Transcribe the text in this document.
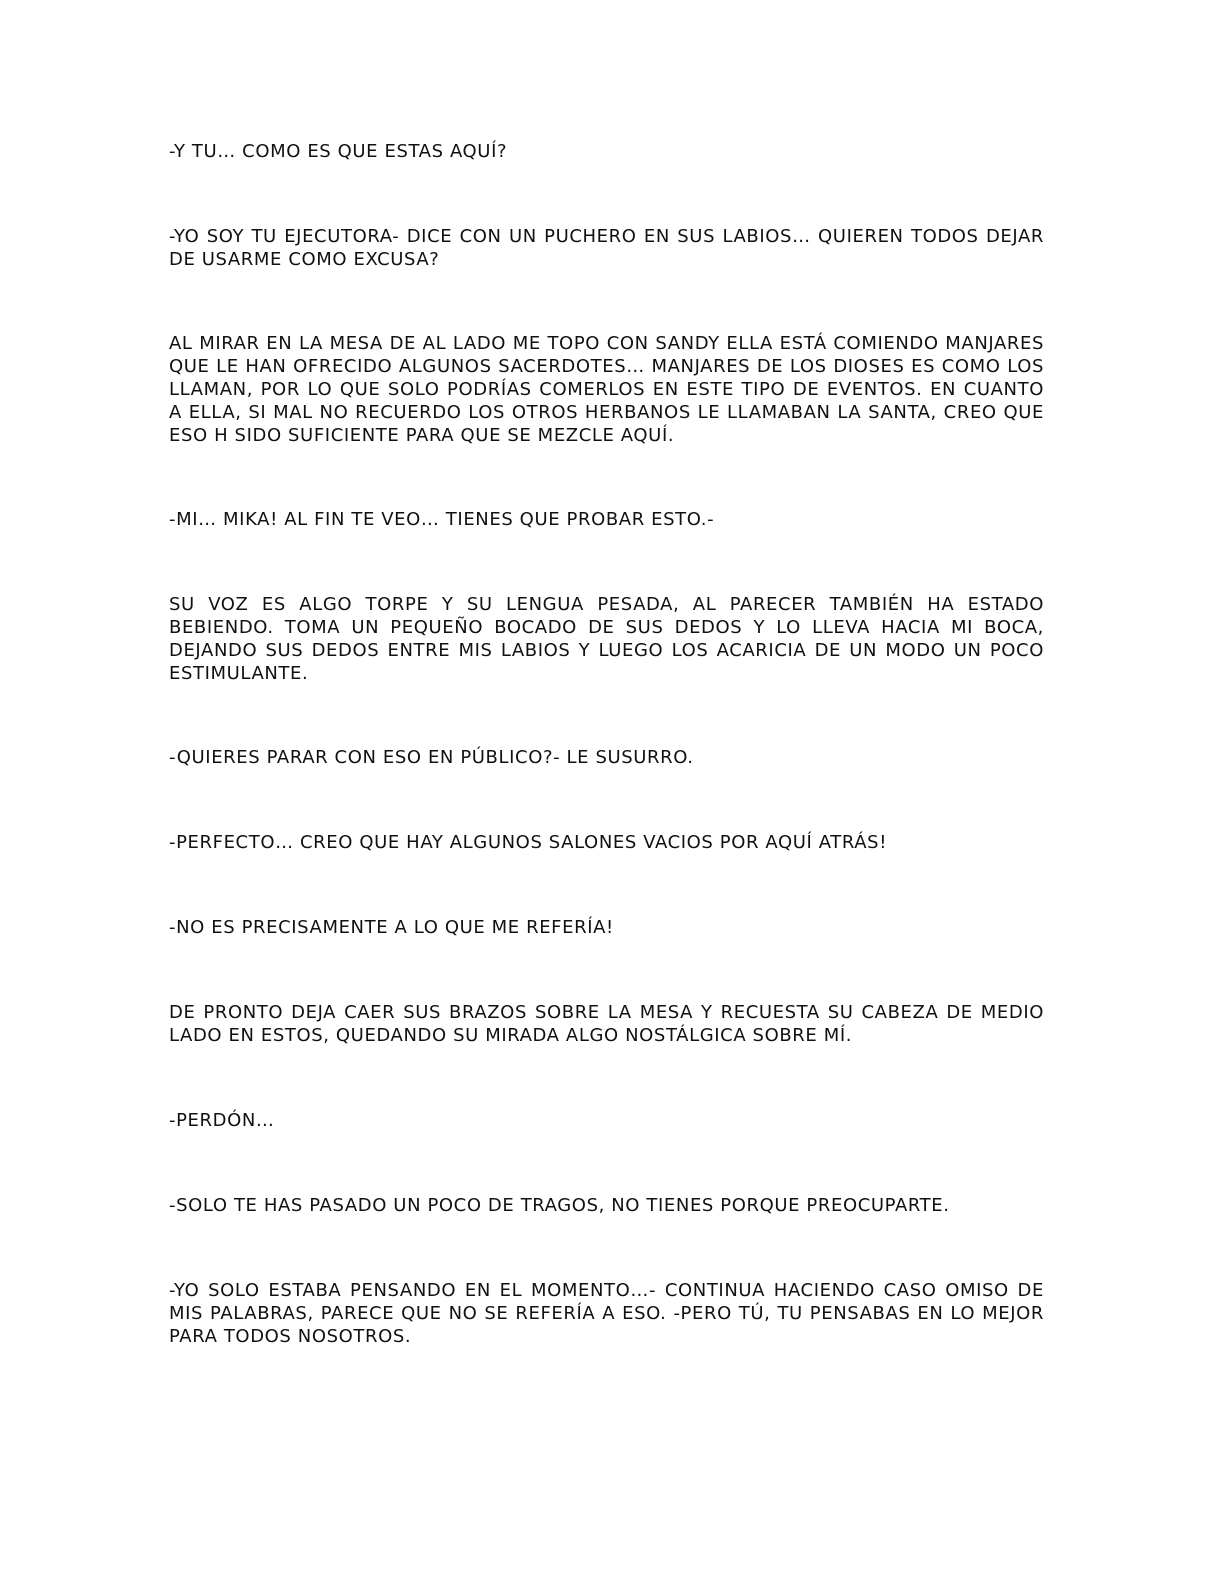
-Y TU… COMO ES QUE ESTAS AQUÍ?

-YO SOY TU EJECUTORA- DICE CON UN PUCHERO EN SUS LABIOS… QUIEREN TODOS DEJAR DE USARME COMO EXCUSA?

AL MIRAR EN LA MESA DE AL LADO ME TOPO CON SANDY ELLA ESTÁ COMIENDO MANJARES QUE LE HAN OFRECIDO ALGUNOS SACERDOTES… MANJARES DE LOS DIOSES ES COMO LOS LLAMAN, POR LO QUE SOLO PODRÍAS COMERLOS EN ESTE TIPO DE EVENTOS. EN CUANTO A ELLA, SI MAL NO RECUERDO LOS OTROS HERBANOS LE LLAMABAN LA SANTA, CREO QUE ESO H SIDO SUFICIENTE PARA QUE SE MEZCLE AQUÍ.

-MI… MIKA! AL FIN TE VEO… TIENES QUE PROBAR ESTO.-

SU VOZ ES ALGO TORPE Y SU LENGUA PESADA, AL PARECER TAMBIÉN HA ESTADO BEBIENDO. TOMA UN PEQUEÑO BOCADO DE SUS DEDOS Y LO LLEVA HACIA MI BOCA, DEJANDO SUS DEDOS ENTRE MIS LABIOS Y LUEGO LOS ACARICIA DE UN MODO UN POCO ESTIMULANTE.

-QUIERES PARAR CON ESO EN PÚBLICO?- LE SUSURRO.

-PERFECTO… CREO QUE HAY ALGUNOS SALONES VACIOS POR AQUÍ ATRÁS!

-NO ES PRECISAMENTE A LO QUE ME REFERÍA!

DE PRONTO DEJA CAER SUS BRAZOS SOBRE LA MESA Y RECUESTA SU CABEZA DE MEDIO LADO EN ESTOS, QUEDANDO SU MIRADA ALGO NOSTÁLGICA SOBRE MÍ.

-PERDÓN…

-SOLO TE HAS PASADO UN POCO DE TRAGOS, NO TIENES PORQUE PREOCUPARTE.

-YO SOLO ESTABA PENSANDO EN EL MOMENTO…- CONTINUA HACIENDO CASO OMISO DE MIS PALABRAS, PARECE QUE NO SE REFERÍA A ESO. -PERO TÚ, TU PENSABAS EN LO MEJOR PARA TODOS NOSOTROS.
